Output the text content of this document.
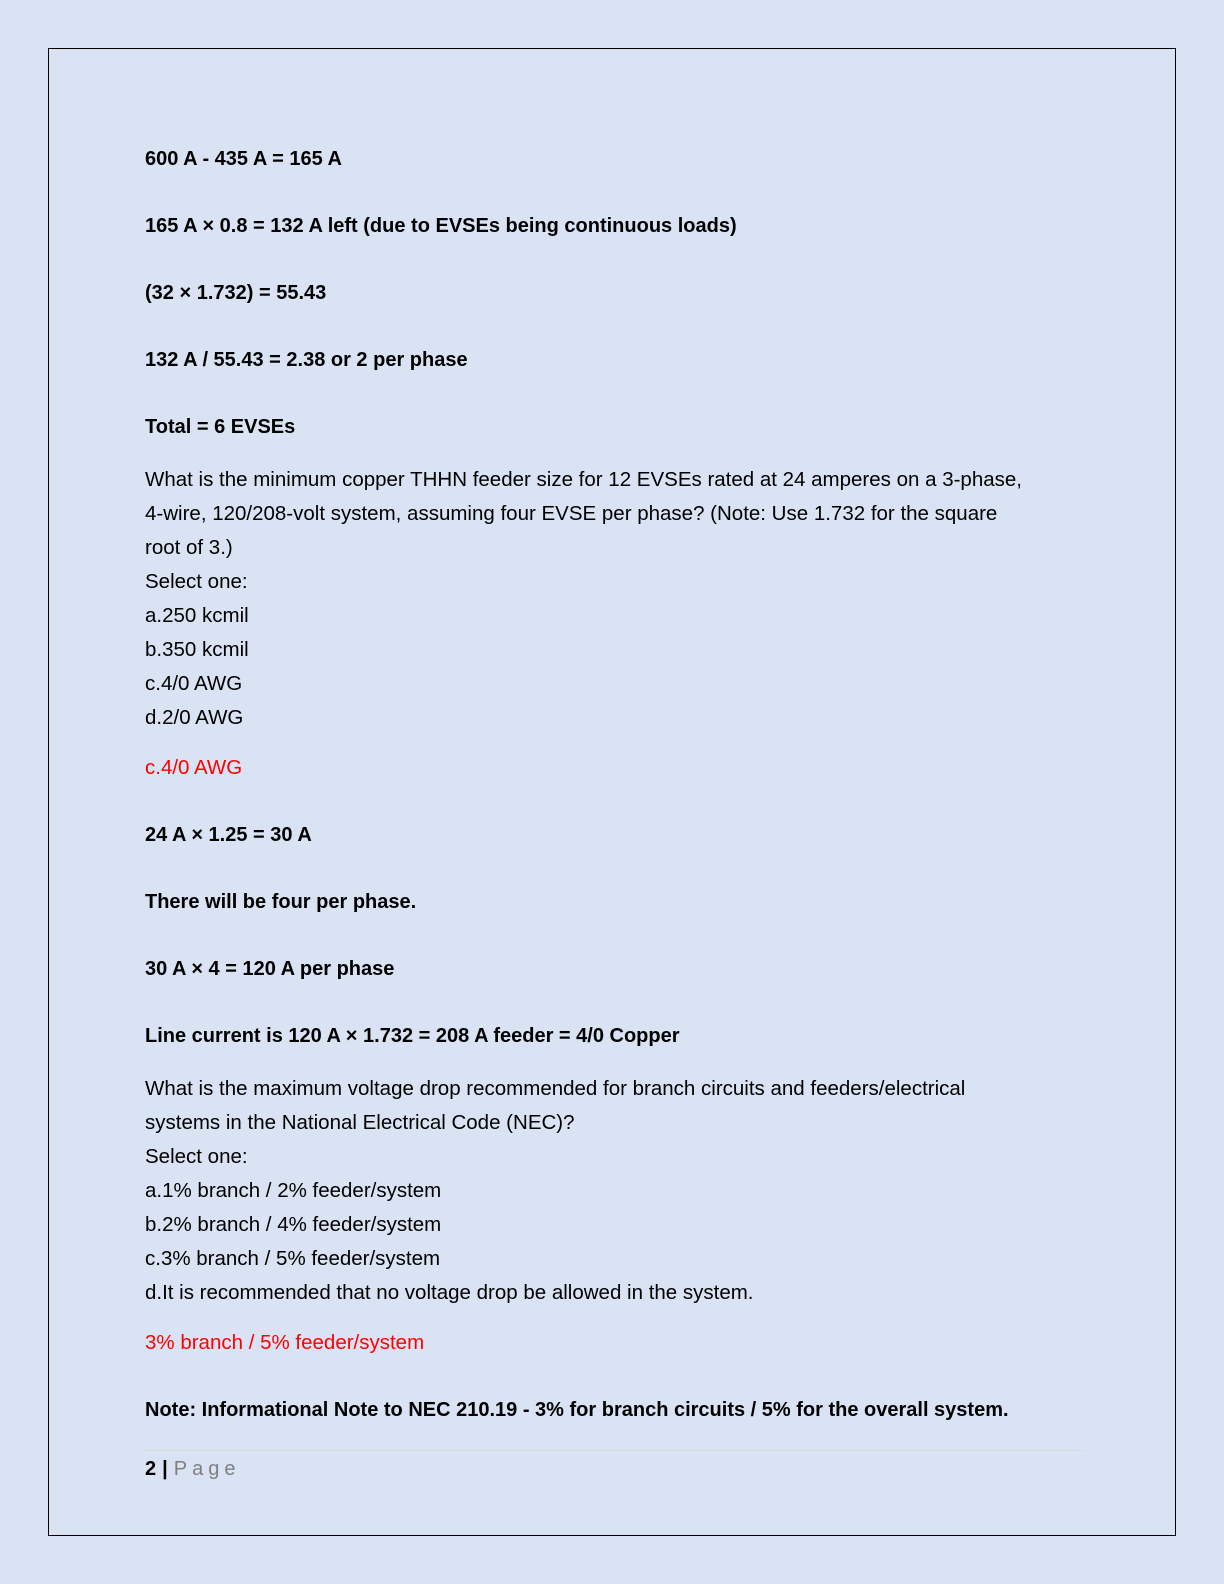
600 A - 435 A = 165 A
165 A × 0.8 = 132 A left (due to EVSEs being continuous loads)
(32 × 1.732) = 55.43
132 A / 55.43 = 2.38 or 2 per phase
Total = 6 EVSEs
What is the minimum copper THHN feeder size for 12 EVSEs rated at 24 amperes on a 3-phase,
4-wire, 120/208-volt system, assuming four EVSE per phase? (Note: Use 1.732 for the square
root of 3.)
Select one:
a.250 kcmil
b.350 kcmil
c.4/0 AWG
d.2/0 AWG
c.4/0 AWG
24 A × 1.25 = 30 A
There will be four per phase.
30 A × 4 = 120 A per phase
Line current is 120 A × 1.732 = 208 A feeder = 4/0 Copper
What is the maximum voltage drop recommended for branch circuits and feeders/electrical
systems in the National Electrical Code (NEC)?
Select one:
a.1% branch / 2% feeder/system
b.2% branch / 4% feeder/system
c.3% branch / 5% feeder/system
d.It is recommended that no voltage drop be allowed in the system.
3% branch / 5% feeder/system
Note: Informational Note to NEC 210.19 - 3% for branch circuits / 5% for the overall system.
2 | Page
